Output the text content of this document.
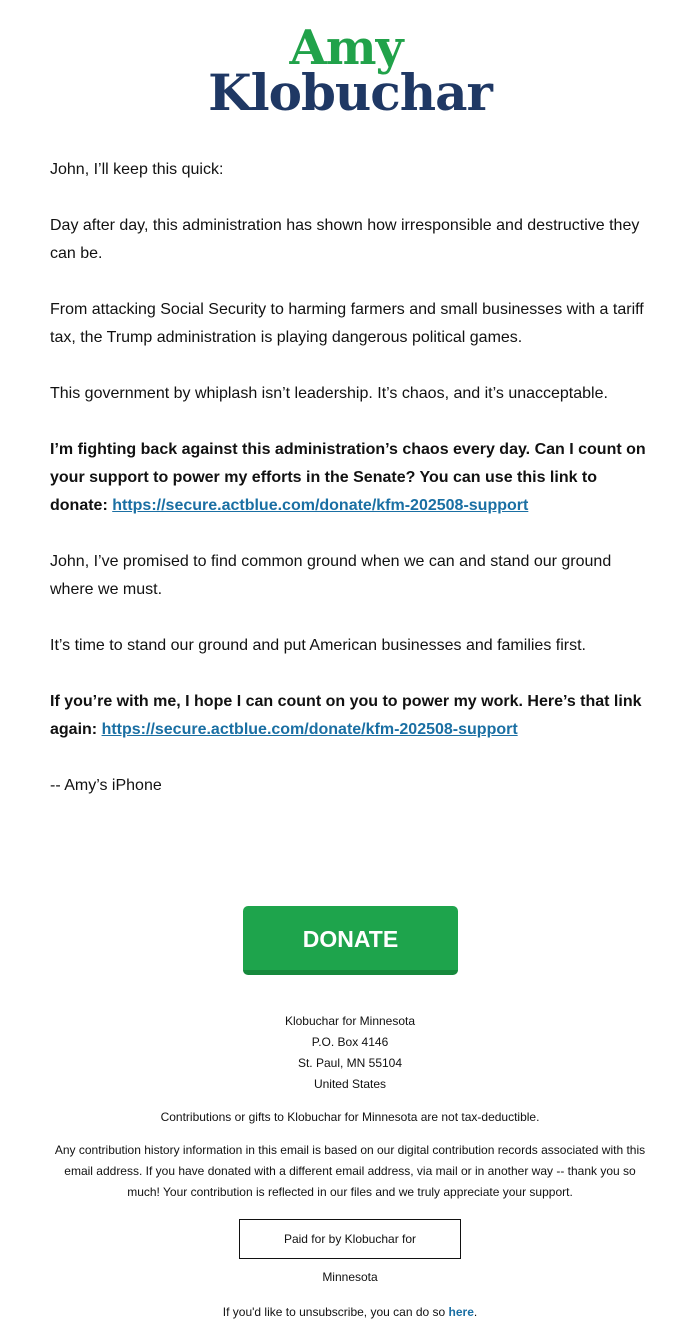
Amy
Klobuchar

John, I’ll keep this quick:

Day after day, this administration has shown how irresponsible and destructive they can be.

From attacking Social Security to harming farmers and small businesses with a tariff tax, the Trump administration is playing dangerous political games.

This government by whiplash isn’t leadership. It’s chaos, and it’s unacceptable.

I’m fighting back against this administration’s chaos every day. Can I count on your support to power my efforts in the Senate? You can use this link to donate: https://secure.actblue.com/donate/kfm-202508-support

John, I’ve promised to find common ground when we can and stand our ground where we must.

It’s time to stand our ground and put American businesses and families first.

If you’re with me, I hope I can count on you to power my work. Here’s that link again: https://secure.actblue.com/donate/kfm-202508-support

-- Amy’s iPhone

DONATE
Klobuchar for Minnesota
P.O. Box 4146
St. Paul, MN 55104
United States
Contributions or gifts to Klobuchar for Minnesota are not tax-deductible.
Any contribution history information in this email is based on our digital contribution records associated with this email address. If you have donated with a different email address, via mail or in another way -- thank you so much! Your contribution is reflected in our files and we truly appreciate your support.
Paid for by Klobuchar for Minnesota
If you'd like to unsubscribe, you can do so here.
